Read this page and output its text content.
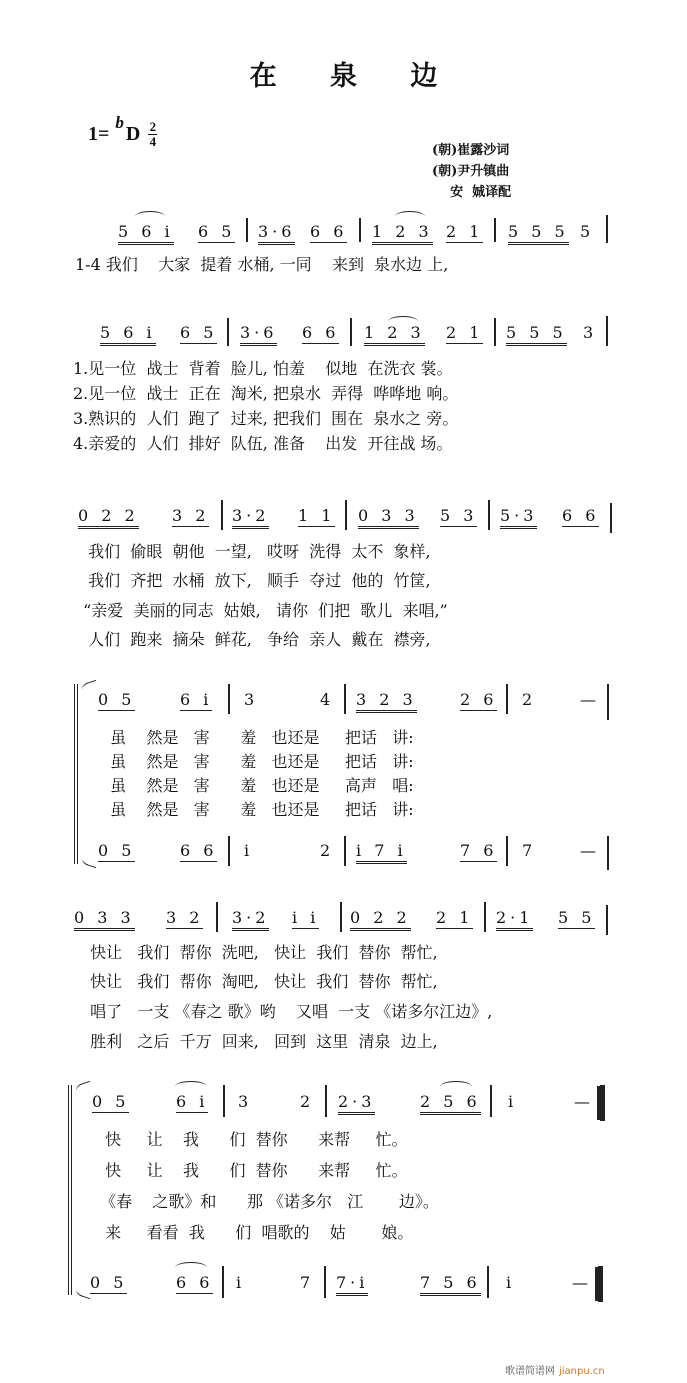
在 泉 边
1=
b
D $\frac{2}{4}$
(朝)崔露沙词
(朝)尹升镇曲
安  娍译配
5 6 i 6 5 3·6 6 6 1 2 3 2 1 5 5 5 5
1-4 我们    大家  提着 水桶, 一同    来到  泉水边 上,
5 6 i 6 5 3·6 6 6 1 2 3 2 1 5 5 5 3
1.见一位  战士  背着  脸儿, 怕羞    似地  在洗衣 裳。
2.见一位  战士  正在  淘米, 把泉水  弄得  哗哗地 响。
3.熟识的  人们  跑了  过来, 把我们  围在  泉水之 旁。
4.亲爱的  人们  排好  队伍, 准备    出发  开往战 场。
0 2 2 3 2 3·2 1 1 0 3 3 5 3 5·3 6 6
我们  偷眼  朝他  一望,   哎呀  洗得  太不  象样,
我们  齐把  水桶  放下,   顺手  夺过  他的  竹筐,
“亲爱  美丽的同志  姑娘,   请你  们把  歌儿  来唱,”
人们  跑来  摘朵  鲜花,   争给  亲人  戴在  襟旁,
0 5	6 i 3	4 3 2 3	2 6 2	—
虽    然是   害      羞   也还是     把话   讲:
虽    然是   害      羞   也还是     把话   讲:
虽    然是   害      羞   也还是     高声   唱:
虽    然是   害      羞   也还是     把话   讲:
0 5	6 6 i	2 i 7 i	7 6 7	—
0 3 3 3 2 3·2 i i 0 2 2 2 1 2·1 5 5
快让   我们  帮你  洗吧,   快让  我们  替你  帮忙,
快让   我们  帮你  淘吧,   快让  我们  替你  帮忙,
唱了   一支 《春之 歌》哟    又唱  一支 《诺多尔江边》,
胜利   之后  千万  回来,   回到  这里  清泉  边上,
0 5	6 i 3	2 2·3	2 5 6 i	—
快     让    我      们  替你      来帮     忙。
快     让    我      们  替你      来帮     忙。
《春    之歌》和      那 《诺多尔   江       边》。
来     看看  我      们  唱歌的    姑       娘。
0 5	6 6 i	7 7·i	7 5 6 i	—
歌谱简谱网 jianpu.cn
